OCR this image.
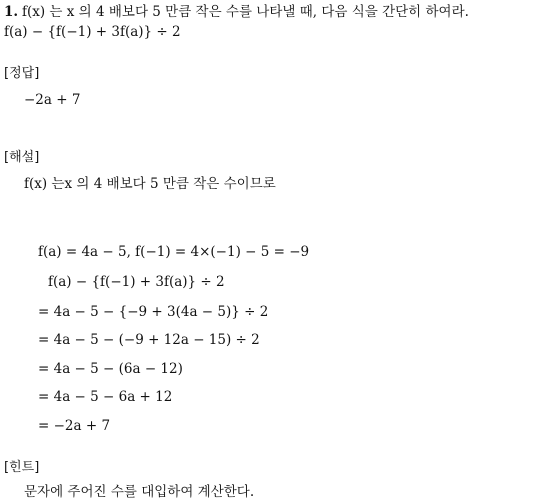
1. f(x) 는 x 의 4 배보다 5 만큼 작은 수를 나타낼 때, 다음 식을 간단히 하여라.
f(a) − {f(−1) + 3f(a)} ÷ 2
[정답]
−2a + 7
[해설]
f(x) 는x 의 4 배보다 5 만큼 작은 수이므로
f(a) = 4a − 5, f(−1) = 4×(−1) − 5 = −9
f(a) − {f(−1) + 3f(a)} ÷ 2
= 4a − 5 − {−9 + 3(4a − 5)} ÷ 2
= 4a − 5 − (−9 + 12a − 15) ÷ 2
= 4a − 5 − (6a − 12)
= 4a − 5 − 6a + 12
= −2a + 7
[힌트]
문자에 주어진 수를 대입하여 계산한다.
